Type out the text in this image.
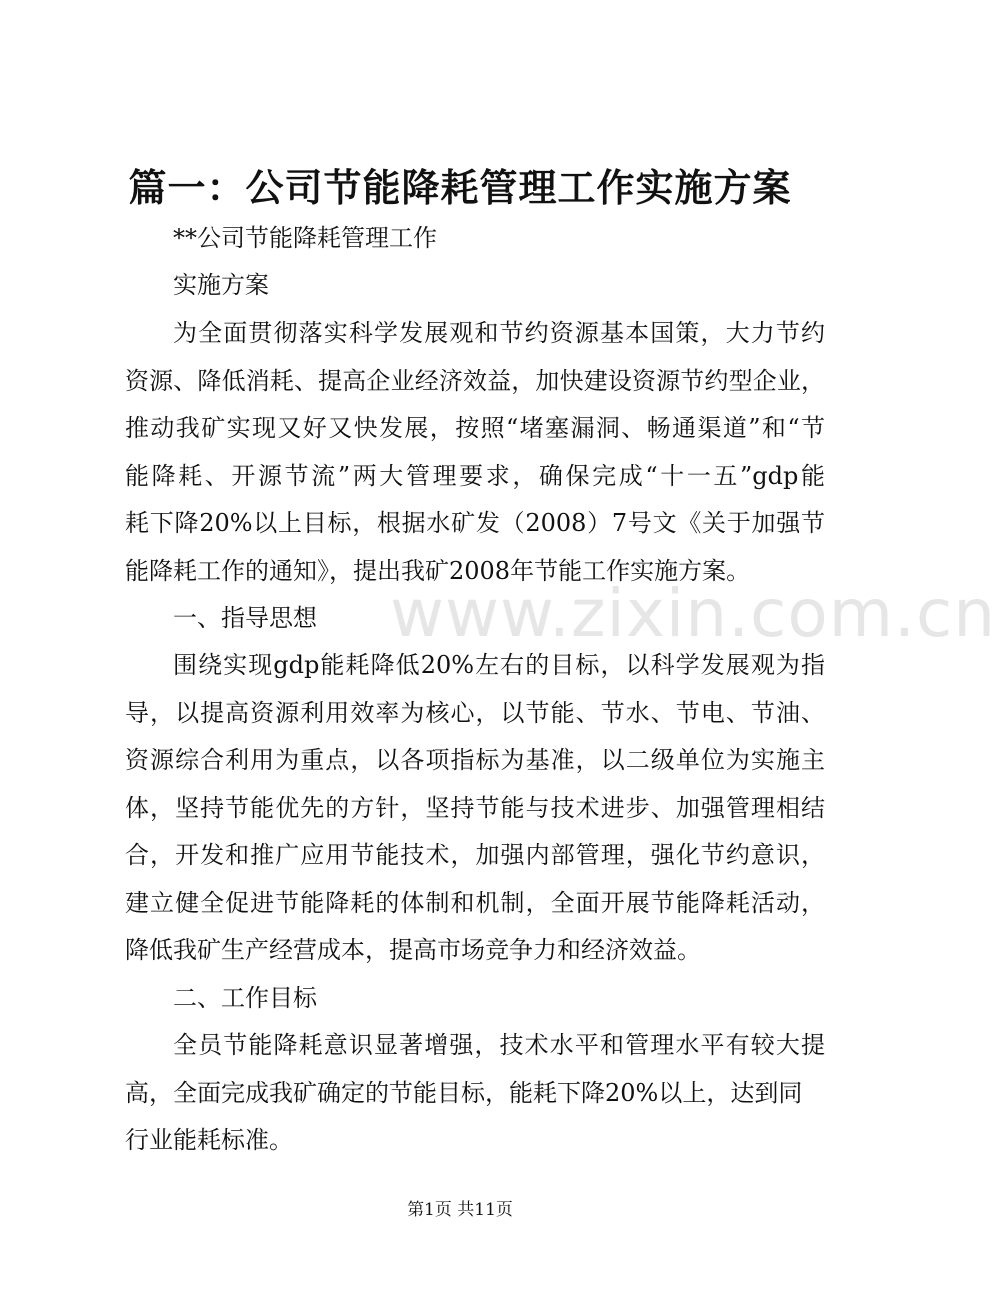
www.zixin.com.cn
篇一：公司节能降耗管理工作实施方案
**公司节能降耗管理工作
实施方案
为全面贯彻落实科学发展观和节约资源基本国策，大力节约
资源、降低消耗、提高企业经济效益，加快建设资源节约型企业，
推动我矿实现又好又快发展，按照“堵塞漏洞、畅通渠道”和“节
能降耗、开源节流”两大管理要求，确保完成“十一五”gdp能
耗下降20%以上目标，根据水矿发（2008）7号文《关于加强节
能降耗工作的通知》，提出我矿2008年节能工作实施方案。
一、指导思想
围绕实现gdp能耗降低20%左右的目标，以科学发展观为指
导，以提高资源利用效率为核心，以节能、节水、节电、节油、
资源综合利用为重点，以各项指标为基准，以二级单位为实施主
体，坚持节能优先的方针，坚持节能与技术进步、加强管理相结
合，开发和推广应用节能技术，加强内部管理，强化节约意识，
建立健全促进节能降耗的体制和机制，全面开展节能降耗活动，
降低我矿生产经营成本，提高市场竞争力和经济效益。
二、工作目标
全员节能降耗意识显著增强，技术水平和管理水平有较大提
高，全面完成我矿确定的节能目标，能耗下降20%以上，达到同
行业能耗标准。
第1页 共11页
